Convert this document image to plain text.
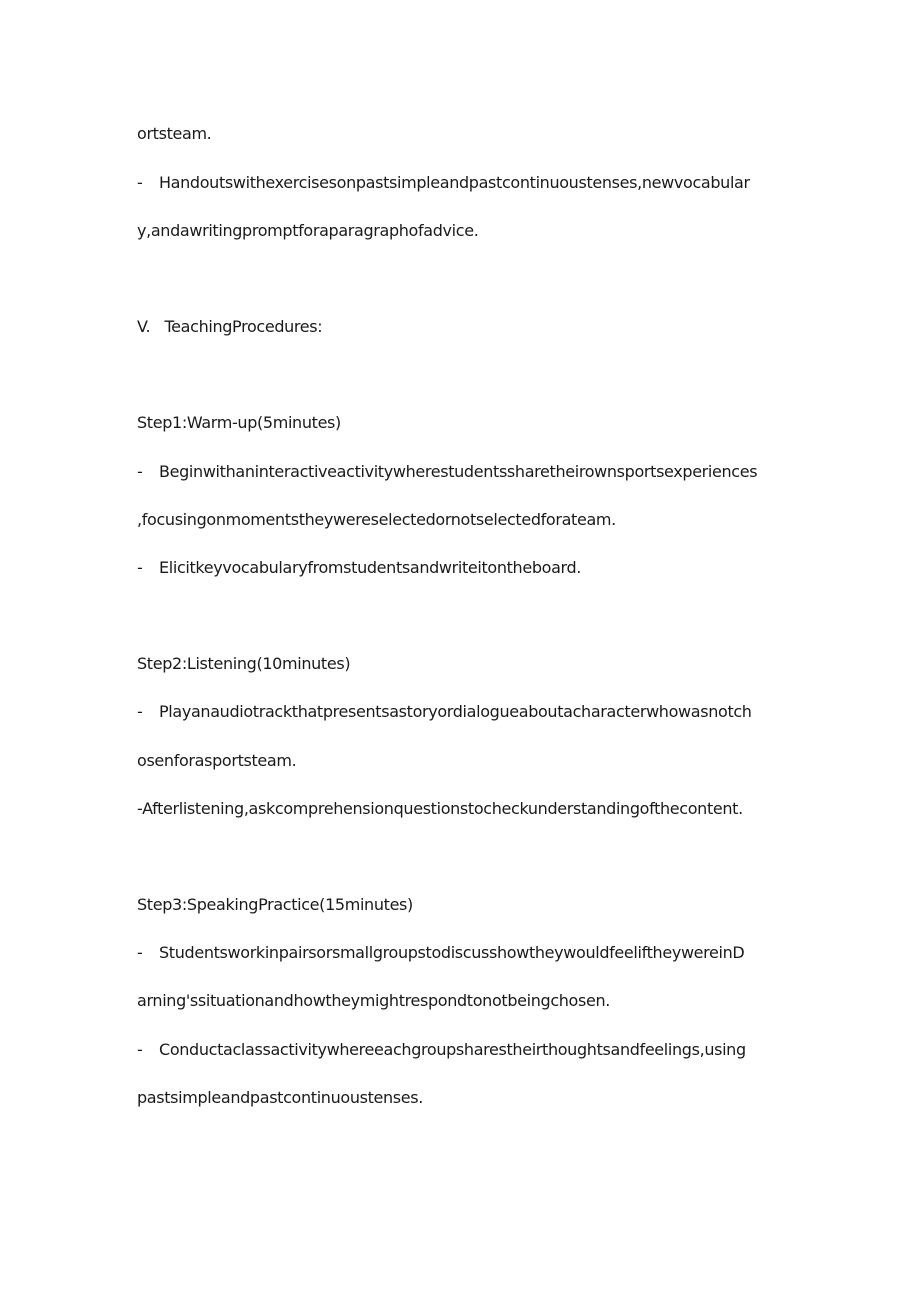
ortsteam.
- Handoutswithexercisesonpastsimpleandpastcontinuoustenses,newvocabular
y,andawritingpromptforaparagraphofadvice.
V.   TeachingProcedures:
Step1:Warm-up(5minutes)
- Beginwithaninteractiveactivitywherestudentssharetheirownsportsexperiences
,focusingonmomentstheywereselectedornotselectedforateam.
- Elicitkeyvocabularyfromstudentsandwriteitontheboard.
Step2:Listening(10minutes)
- Playanaudiotrackthatpresentsastoryordialogueaboutacharacterwhowasnotch
osenforasportsteam.
-Afterlistening,askcomprehensionquestionstocheckunderstandingofthecontent.
Step3:SpeakingPractice(15minutes)
- StudentsworkinpairsorsmallgroupstodiscusshowtheywouldfeeliftheywereinD
arning'ssituationandhowtheymightrespondtonotbeingchosen.
- Conductaclassactivitywhereeachgroupsharestheirthoughtsandfeelings,using
pastsimpleandpastcontinuoustenses.
